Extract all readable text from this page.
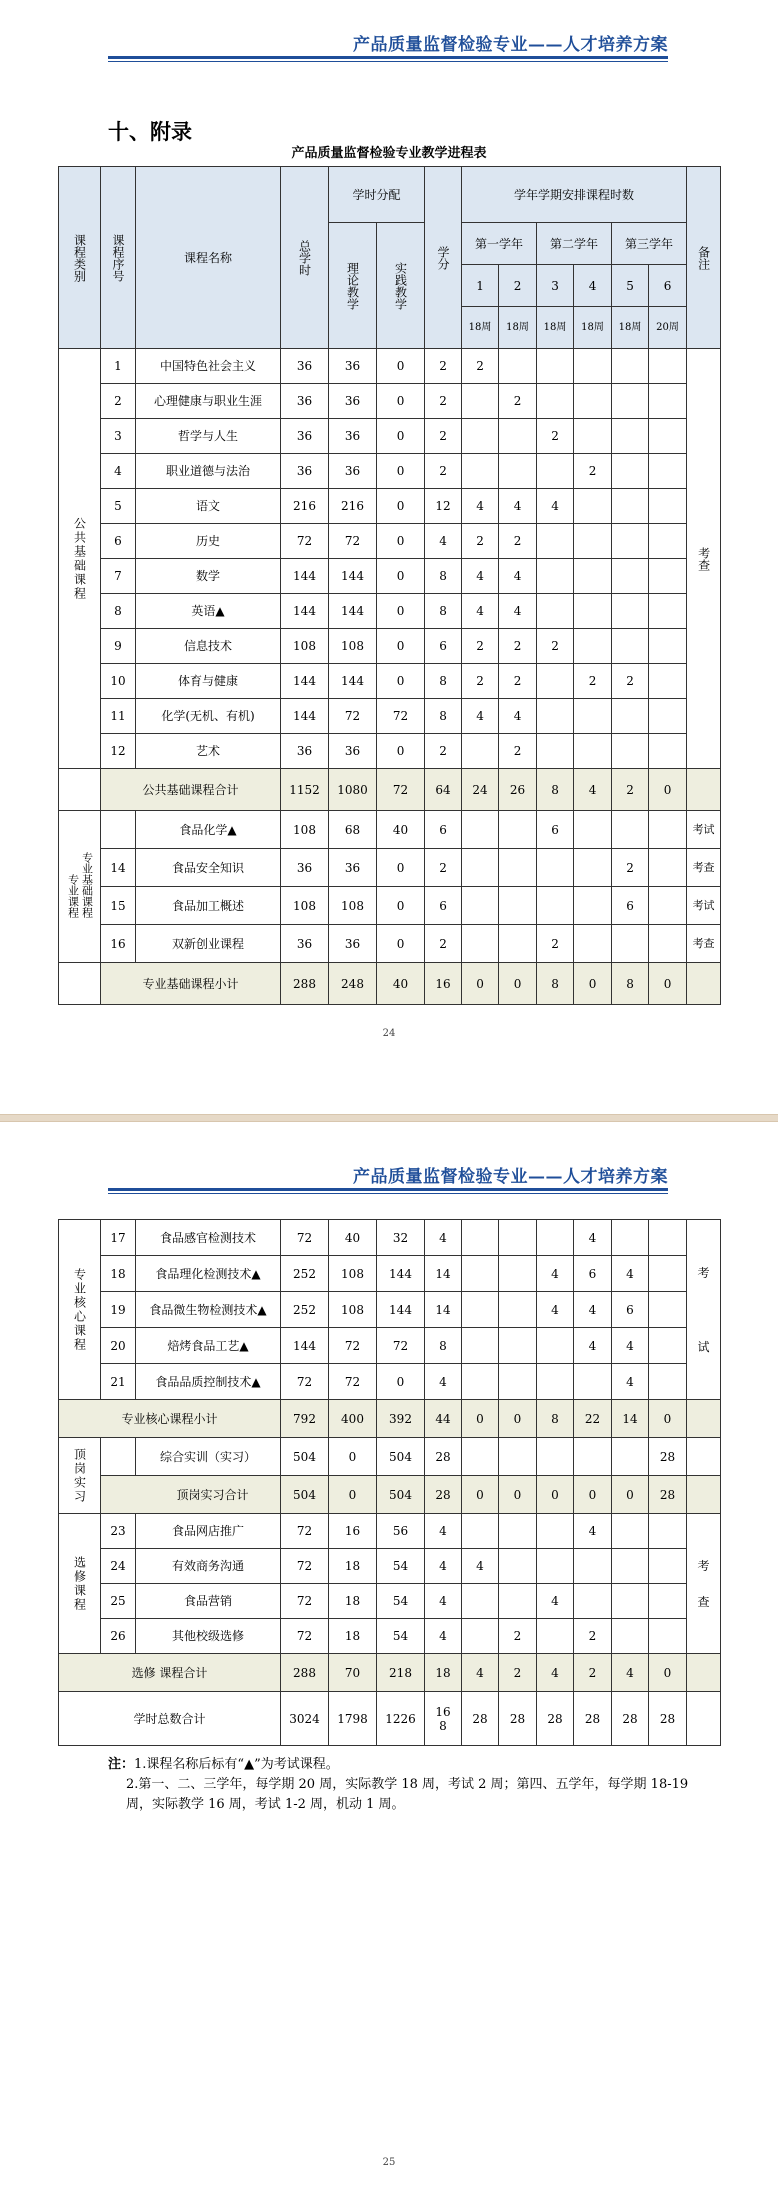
产品质量监督检验专业——人才培养方案
十、附录
产品质量监督检验专业教学进程表
课程类别	课程序号	课程名称	总学时	学时分配		学分	学年学期安排课程时数						备注
				理论教学	实践教学		第一学年		第二学年		第三学年		
							1	2	3	4	5	6	
							18周	18周	18周	18周	18周	20周	
公共基础课程	1	中国特色社会主义	36	36	0	2	2						考查
	2	心理健康与职业生涯	36	36	0	2		2					
	3	哲学与人生	36	36	0	2			2				
	4	职业道德与法治	36	36	0	2				2			
	5	语文	216	216	0	12	4	4	4				
	6	历史	72	72	0	4	2	2					
	7	数学	144	144	0	8	4	4					
	8	英语▲	144	144	0	8	4	4					
	9	信息技术	108	108	0	6	2	2	2				
	10	体育与健康	144	144	0	8	2	2		2	2		
	11	化学(无机、有机)	144	72	72	8	4	4					
	12	艺术	36	36	0	2		2					
	公共基础课程合计		1152	1080	72	64	24	26	8	4	2	0	
专业课程专业基础课程		食品化学▲	108	68	40	6			6				考试
	14	食品安全知识	36	36	0	2					2		考查
	15	食品加工概述	108	108	0	6					6		考试
	16	双新创业课程	36	36	0	2			2				考查
	专业基础课程小计		288	248	40	16	0	0	8	0	8	0	
24
产品质量监督检验专业——人才培养方案
专业核心课程	17	食品感官检测技术	72	40	32	4				4			考
试

	18	食品理化检测技术▲	252	108	144	14			4	6	4		
	19	食品微生物检测技术▲	252	108	144	14			4	4	6		
	20	焙烤食品工艺▲	144	72	72	8				4	4		
	21	食品品质控制技术▲	72	72	0	4					4		
专业核心课程小计			792	400	392	44	0	0	8	22	14	0	
顶岗实习		综合实训（实习）	504	0	504	28						28	
	顶岗实习合计		504	0	504	28	0	0	0	0	0	28	
选修课程	23	食品网店推广	72	16	56	4				4			考
查

	24	有效商务沟通	72	18	54	4	4						
	25	食品营销	72	18	54	4			4				
	26	其他校级选修	72	18	54	4		2		2			
选修 课程合计			288	70	218	18	4	2	4	2	4	0	
学时总数合计			3024	1798	1226	168	28	28	28	28	28	28	
注：1.课程名称后标有“▲”为考试课程。
2.第一、二、三学年，每学期 20 周，实际教学 18 周，考试 2 周；第四、五学年，每学期 18-19 周，实际教学 16 周，考试 1-2 周，机动 1 周。
25
